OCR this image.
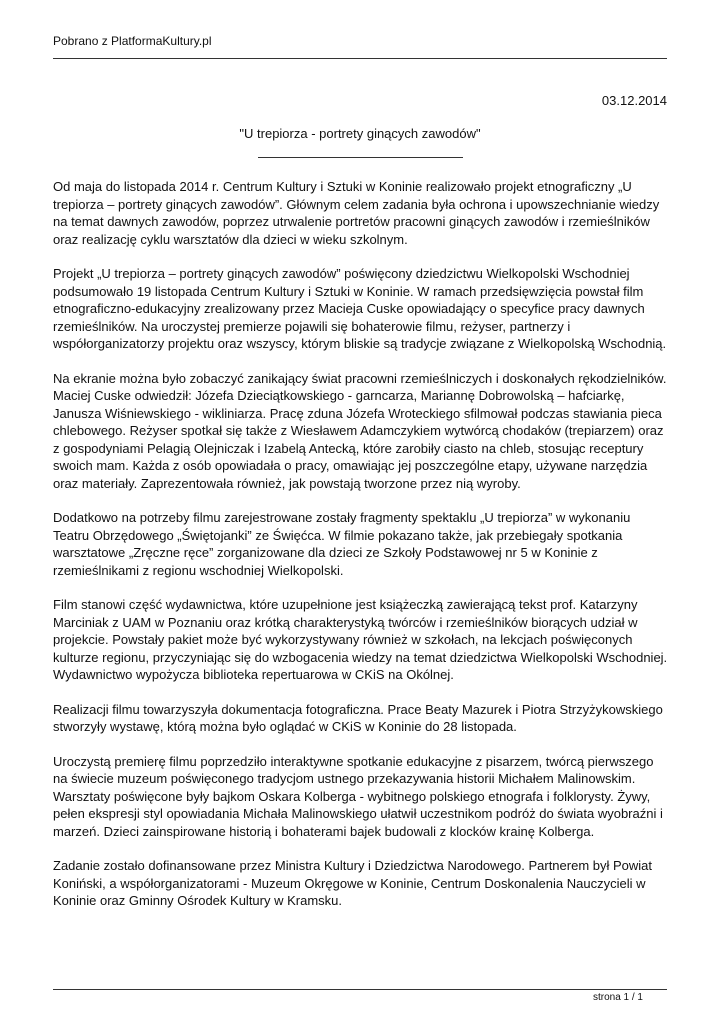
Pobrano z PlatformaKultury.pl
03.12.2014
"U trepiorza - portrety ginących zawodów"

Od maja do listopada 2014 r. Centrum Kultury i Sztuki w Koninie realizowało projekt etnograficzny „U trepiorza – portrety ginących zawodów”. Głównym celem zadania była ochrona i upowszechnianie wiedzy na temat dawnych zawodów, poprzez utrwalenie portretów pracowni ginących zawodów i rzemieślników oraz realizację cyklu warsztatów dla dzieci w wieku szkolnym.

Projekt „U trepiorza – portrety ginących zawodów” poświęcony dziedzictwu Wielkopolski Wschodniej podsumowało 19 listopada Centrum Kultury i Sztuki w Koninie. W ramach przedsięwzięcia powstał film etnograficzno-edukacyjny zrealizowany przez Macieja Cuske opowiadający o specyfice pracy dawnych rzemieślników. Na uroczystej premierze pojawili się bohaterowie filmu, reżyser, partnerzy i współorganizatorzy projektu oraz wszyscy, którym bliskie są tradycje związane z Wielkopolską Wschodnią.

Na ekranie można było zobaczyć zanikający świat pracowni rzemieślniczych i doskonałych rękodzielników. Maciej Cuske odwiedził: Józefa Dzieciątkowskiego - garncarza, Mariannę Dobrowolską – hafciarkę, Janusza Wiśniewskiego - wikliniarza. Pracę zduna Józefa Wroteckiego sfilmował podczas stawiania pieca chlebowego. Reżyser spotkał się także z Wiesławem Adamczykiem wytwórcą chodaków (trepiarzem) oraz z gospodyniami Pelagią Olejniczak i Izabelą Antecką, które zarobiły ciasto na chleb, stosując receptury swoich mam. Każda z osób opowiadała o pracy, omawiając jej poszczególne etapy, używane narzędzia oraz materiały. Zaprezentowała również, jak powstają tworzone przez nią wyroby.

Dodatkowo na potrzeby filmu zarejestrowane zostały fragmenty spektaklu „U trepiorza” w wykonaniu Teatru Obrzędowego „Świętojanki” ze Święćca. W filmie pokazano także, jak przebiegały spotkania warsztatowe „Zręczne ręce” zorganizowane dla dzieci ze Szkoły Podstawowej nr 5 w Koninie z rzemieślnikami z regionu wschodniej Wielkopolski.

Film stanowi część wydawnictwa, które uzupełnione jest książeczką zawierającą tekst prof. Katarzyny Marciniak z UAM w Poznaniu oraz krótką charakterystyką twórców i rzemieślników biorących udział w projekcie. Powstały pakiet może być wykorzystywany również w szkołach, na lekcjach poświęconych kulturze regionu, przyczyniając się do wzbogacenia wiedzy na temat dziedzictwa Wielkopolski Wschodniej. Wydawnictwo wypożycza biblioteka repertuarowa w CKiS na Okólnej.

Realizacji filmu towarzyszyła dokumentacja fotograficzna. Prace Beaty Mazurek i Piotra Strzyżykowskiego stworzyły wystawę, którą można było oglądać w CKiS w Koninie do 28 listopada.

Uroczystą premierę filmu poprzedziło interaktywne spotkanie edukacyjne z pisarzem, twórcą pierwszego na świecie muzeum poświęconego tradycjom ustnego przekazywania historii Michałem Malinowskim. Warsztaty poświęcone były bajkom Oskara Kolberga - wybitnego polskiego etnografa i folklorysty. Żywy, pełen ekspresji styl opowiadania Michała Malinowskiego ułatwił uczestnikom podróż do świata wyobraźni i marzeń. Dzieci zainspirowane historią i bohaterami bajek budowali z klocków krainę Kolberga.

Zadanie zostało dofinansowane przez Ministra Kultury i Dziedzictwa Narodowego. Partnerem był Powiat Koniński, a współorganizatorami - Muzeum Okręgowe w Koninie, Centrum Doskonalenia Nauczycieli w Koninie oraz Gminny Ośrodek Kultury w Kramsku.

strona 1 / 1
